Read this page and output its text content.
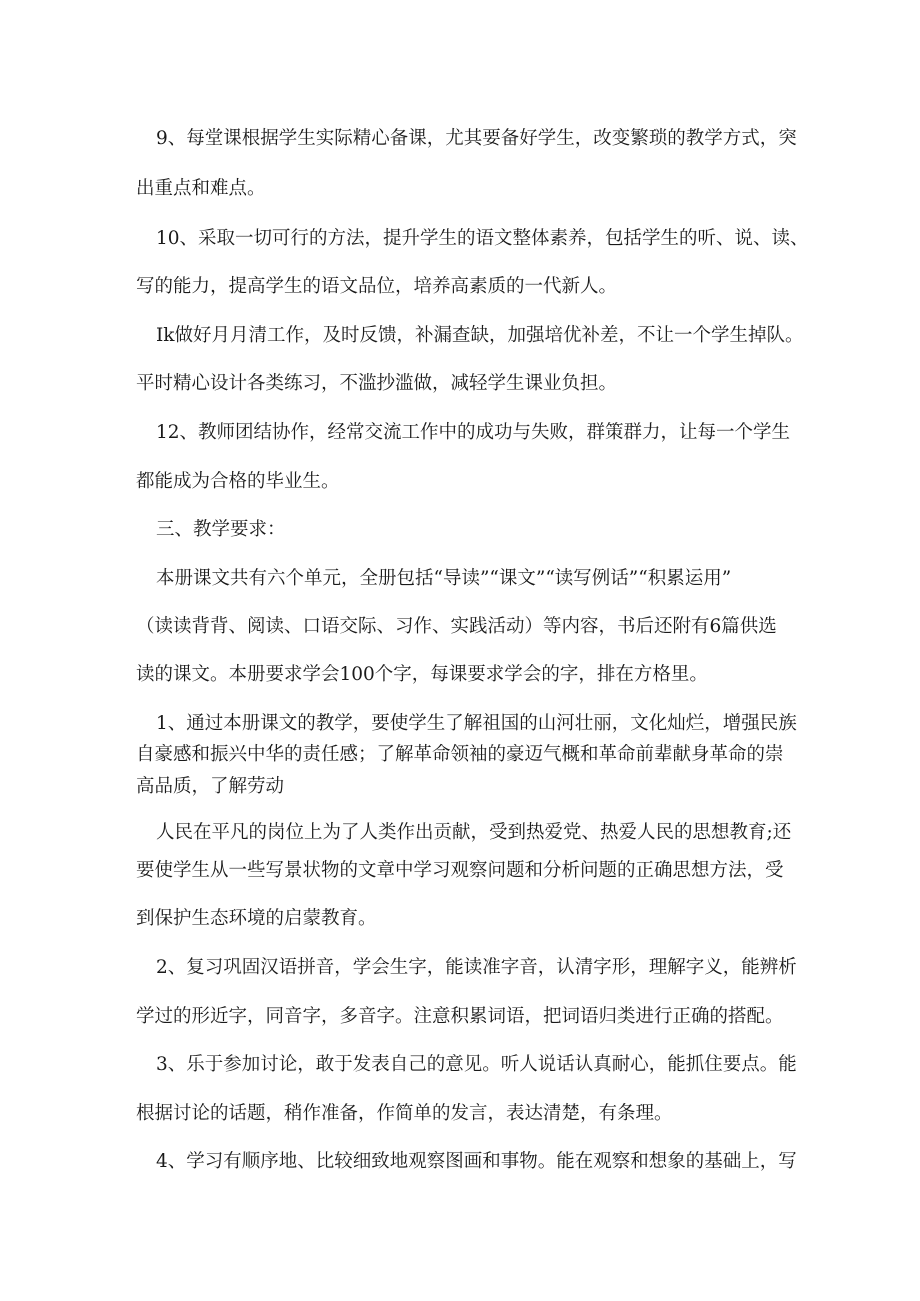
9、每堂课根据学生实际精心备课，尤其要备好学生，改变繁琐的教学方式，突
出重点和难点。
10、采取一切可行的方法，提升学生的语文整体素养，包括学生的听、说、读、
写的能力，提高学生的语文品位，培养高素质的一代新人。
Ik做好月月清工作，及时反馈，补漏查缺，加强培优补差，不让一个学生掉队。
平时精心设计各类练习，不滥抄滥做，减轻学生课业负担。
12、教师团结协作，经常交流工作中的成功与失败，群策群力，让每一个学生
都能成为合格的毕业生。
三、教学要求：
本册课文共有六个单元，全册包括“导读”“课文”“读写例话”“积累运用”
（读读背背、阅读、口语交际、习作、实践活动）等内容，书后还附有6篇供选
读的课文。本册要求学会100个字，每课要求学会的字，排在方格里。
1、通过本册课文的教学，要使学生了解祖国的山河壮丽，文化灿烂，增强民族
自豪感和振兴中华的责任感；了解革命领袖的豪迈气概和革命前辈献身革命的崇
高品质，了解劳动
人民在平凡的岗位上为了人类作出贡献，受到热爱党、热爱人民的思想教育;还
要使学生从一些写景状物的文章中学习观察问题和分析问题的正确思想方法，受
到保护生态环境的启蒙教育。
2、复习巩固汉语拼音，学会生字，能读准字音，认清字形，理解字义，能辨析
学过的形近字，同音字，多音字。注意积累词语，把词语归类进行正确的搭配。
3、乐于参加讨论，敢于发表自己的意见。听人说话认真耐心，能抓住要点。能
根据讨论的话题，稍作准备，作简单的发言，表达清楚，有条理。
4、学习有顺序地、比较细致地观察图画和事物。能在观察和想象的基础上，写
